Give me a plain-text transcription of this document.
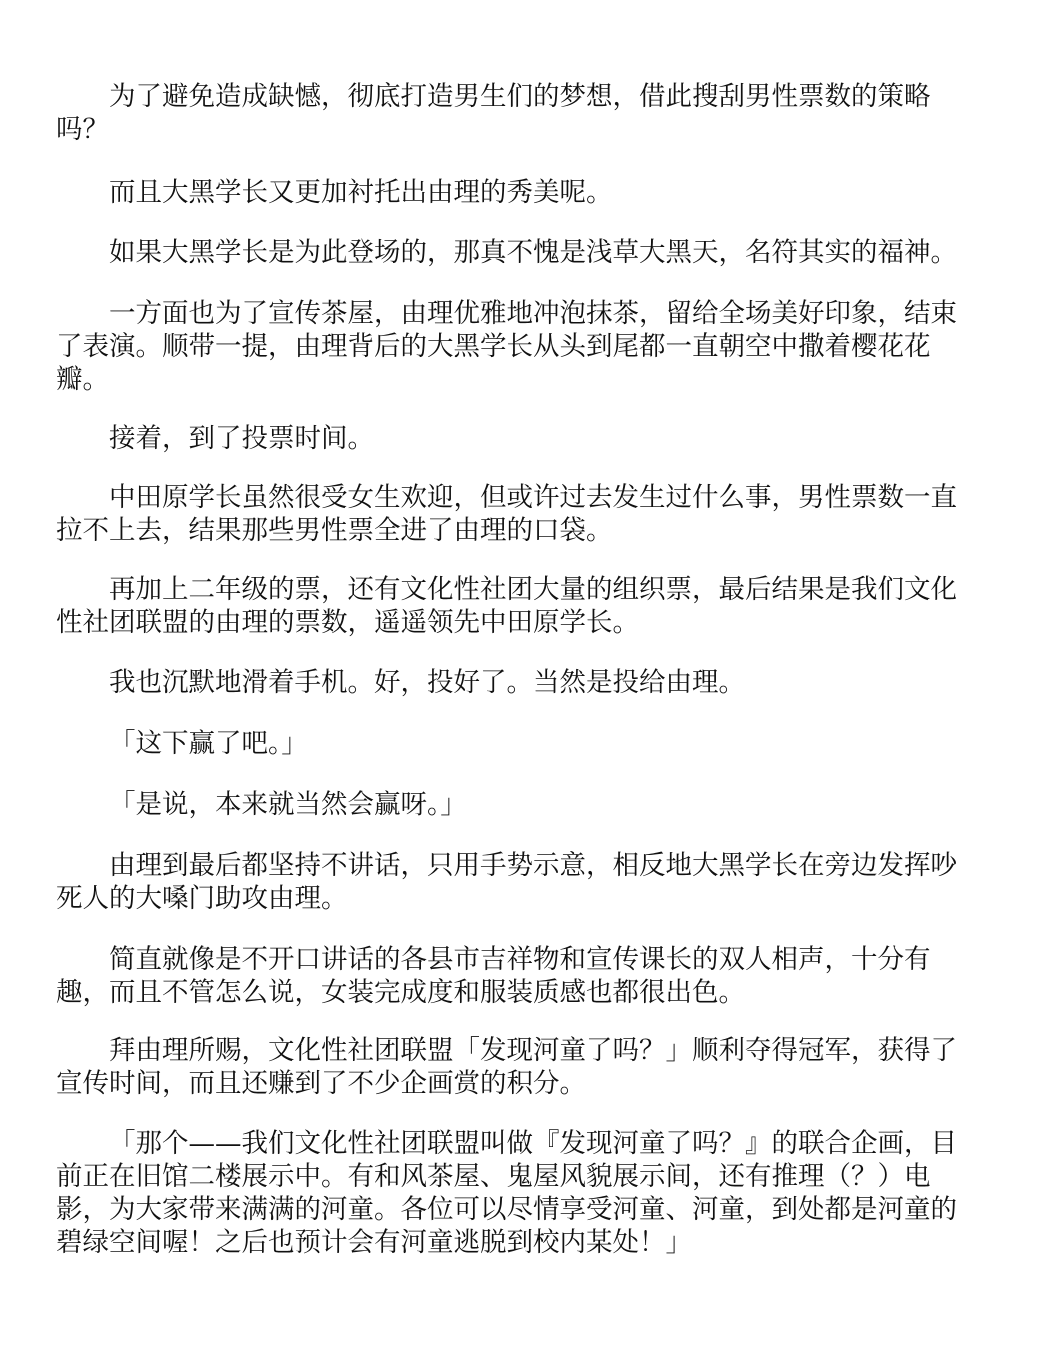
为了避免造成缺憾，彻底打造男生们的梦想，借此搜刮男性票数的策略吗？

而且大黑学长又更加衬托出由理的秀美呢。

如果大黑学长是为此登场的，那真不愧是浅草大黑天，名符其实的福神。

一方面也为了宣传茶屋，由理优雅地冲泡抹茶，留给全场美好印象，结束了表演。顺带一提，由理背后的大黑学长从头到尾都一直朝空中撒着樱花花瓣。

接着，到了投票时间。

中田原学长虽然很受女生欢迎，但或许过去发生过什么事，男性票数一直拉不上去，结果那些男性票全进了由理的口袋。

再加上二年级的票，还有文化性社团大量的组织票，最后结果是我们文化性社团联盟的由理的票数，遥遥领先中田原学长。

我也沉默地滑着手机。好，投好了。当然是投给由理。

「这下赢了吧。」

「是说，本来就当然会赢呀。」

由理到最后都坚持不讲话，只用手势示意，相反地大黑学长在旁边发挥吵死人的大嗓门助攻由理。

简直就像是不开口讲话的各县市吉祥物和宣传课长的双人相声，十分有趣，而且不管怎么说，女装完成度和服装质感也都很出色。

拜由理所赐，文化性社团联盟「发现河童了吗？」顺利夺得冠军，获得了宣传时间，而且还赚到了不少企画赏的积分。

「那个——我们文化性社团联盟叫做『发现河童了吗？』的联合企画，目前正在旧馆二楼展示中。有和风茶屋、鬼屋风貌展示间，还有推理（？）电影，为大家带来满满的河童。各位可以尽情享受河童、河童，到处都是河童的碧绿空间喔！之后也预计会有河童逃脱到校内某处！」
